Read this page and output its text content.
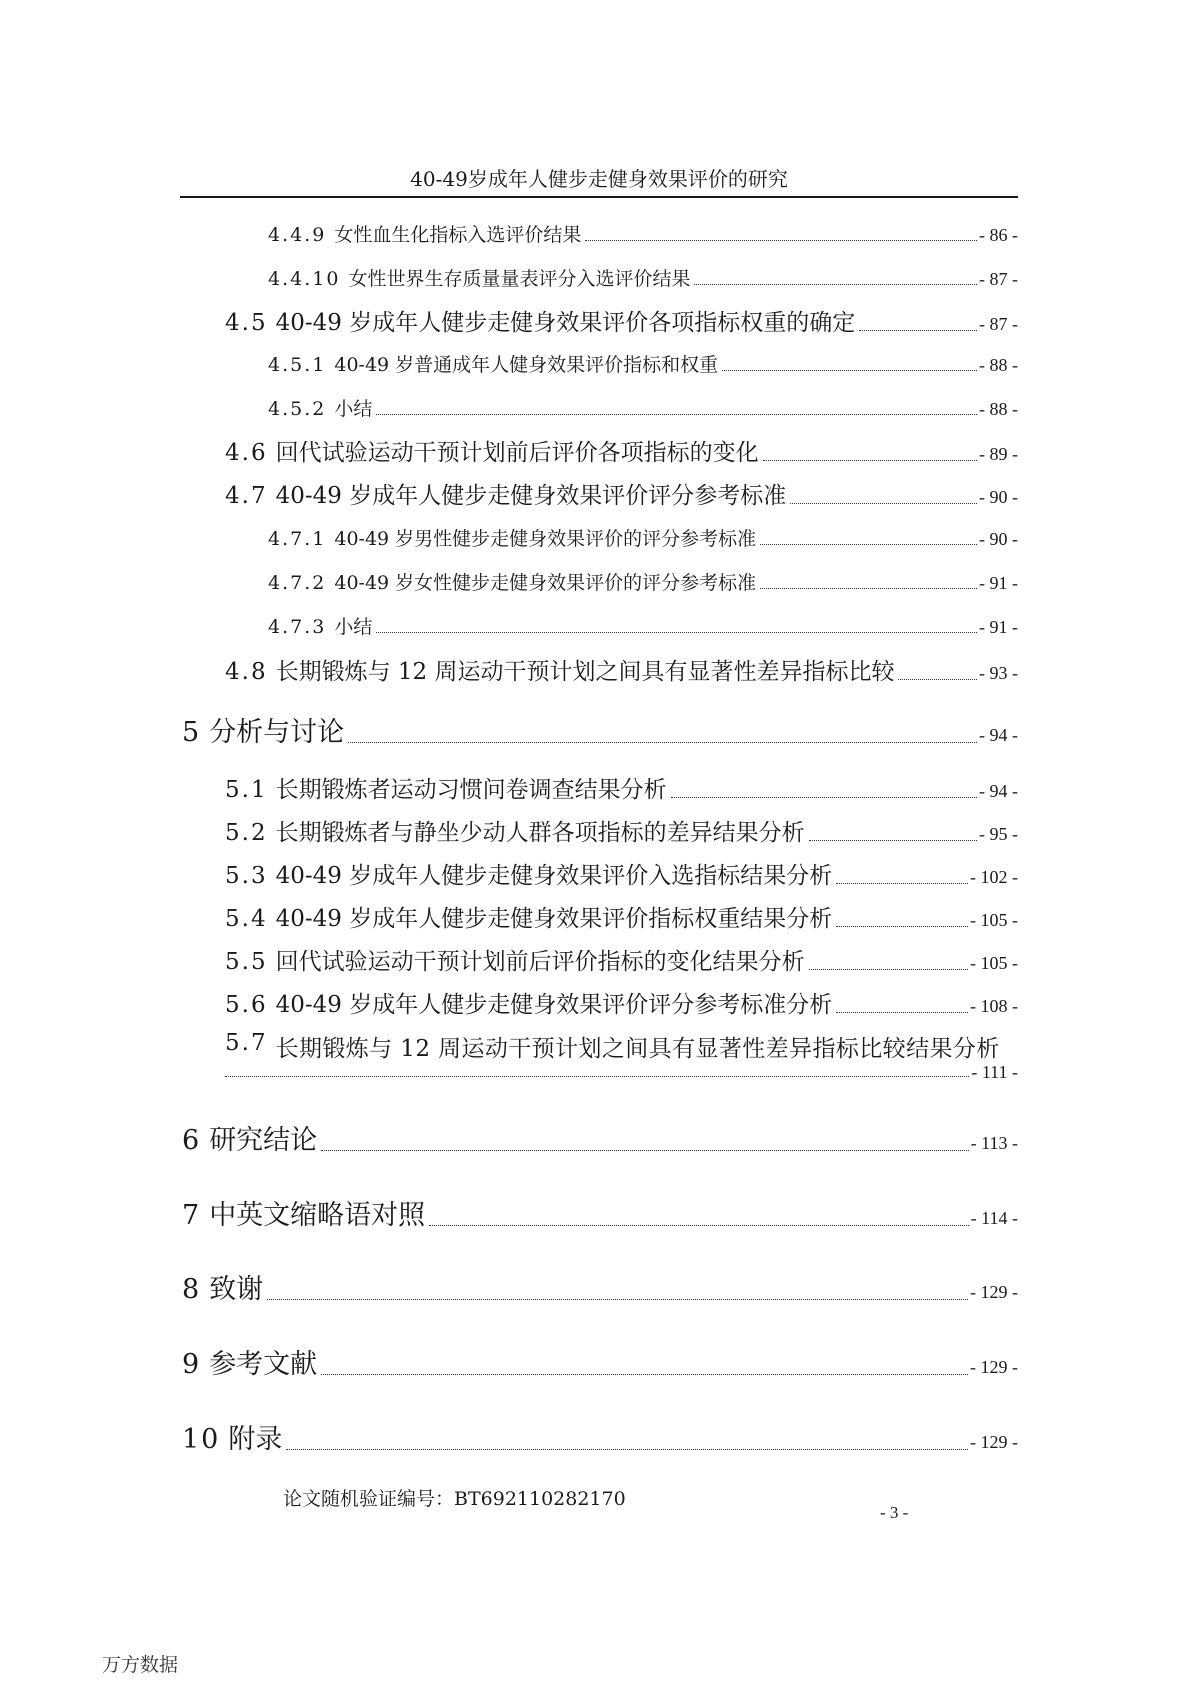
40-49岁成年人健步走健身效果评价的研究
4.4.9 女性血生化指标入选评价结果	- 86 -
4.4.10 女性世界生存质量量表评分入选评价结果	- 87 -
4.5 40-49 岁成年人健步走健身效果评价各项指标权重的确定	- 87 -
4.5.1 40-49 岁普通成年人健身效果评价指标和权重	- 88 -
4.5.2 小结	- 88 -
4.6 回代试验运动干预计划前后评价各项指标的变化	- 89 -
4.7 40-49 岁成年人健步走健身效果评价评分参考标准	- 90 -
4.7.1 40-49 岁男性健步走健身效果评价的评分参考标准	- 90 -
4.7.2 40-49 岁女性健步走健身效果评价的评分参考标准	- 91 -
4.7.3 小结	- 91 -
4.8 长期锻炼与 12 周运动干预计划之间具有显著性差异指标比较	- 93 -
5 分析与讨论	- 94 -
5.1 长期锻炼者运动习惯问卷调查结果分析	- 94 -
5.2 长期锻炼者与静坐少动人群各项指标的差异结果分析	- 95 -
5.3 40-49 岁成年人健步走健身效果评价入选指标结果分析	- 102 -
5.4 40-49 岁成年人健步走健身效果评价指标权重结果分析	- 105 -
5.5 回代试验运动干预计划前后评价指标的变化结果分析	- 105 -
5.6 40-49 岁成年人健步走健身效果评价评分参考标准分析	- 108 -
5.7 长期锻炼与 12 周运动干预计划之间具有显著性差异指标比较结果分析
- 111 -
6 研究结论	- 113 -
7 中英文缩略语对照	- 114 -
8 致谢	- 129 -
9 参考文献	- 129 -
10 附录	- 129 -
论文随机验证编号：BT692110282170
- 3 -
万方数据
